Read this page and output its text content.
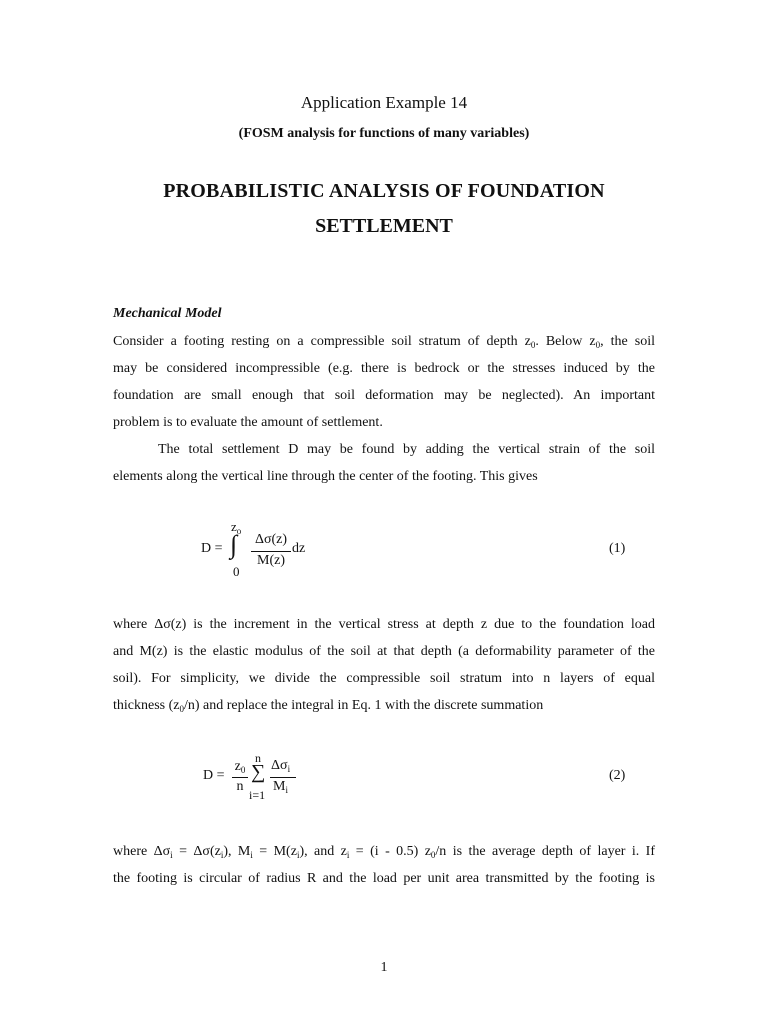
Application Example 14
(FOSM analysis for functions of many variables)
PROBABILISTIC ANALYSIS OF FOUNDATION
SETTLEMENT
Mechanical Model
Consider a footing resting on a compressible soil stratum of depth $z_0$. Below $z_0$, the soil
may be considered incompressible (e.g. there is bedrock or the stresses induced by the
foundation are small enough that soil deformation may be neglected). An important
problem is to evaluate the amount of settlement.
The total settlement D may be found by adding the vertical strain of the soil
elements along the vertical line through the center of the footing. This gives
D =
$z_o$
∫
0
Δσ(z)
M(z)
dz	(1)
where Δσ(z) is the increment in the vertical stress at depth z due to the foundation load
and M(z) is the elastic modulus of the soil at that depth (a deformability parameter of the
soil). For simplicity, we divide the compressible soil stratum into n layers of equal
thickness $(z_0/n)$ and replace the integral in Eq. 1 with the discrete summation
D =
$z_0$
n
n
∑
i=1
$\Delta\sigma_i$
$M_i$
(2)
where $\Delta\sigma_i = \Delta\sigma(z_i)$, $M_i = M(z_i)$, and $z_i = (i - 0.5)$ $z_0/n$ is the average depth of layer i. If
the footing is circular of radius R and the load per unit area transmitted by the footing is
1
